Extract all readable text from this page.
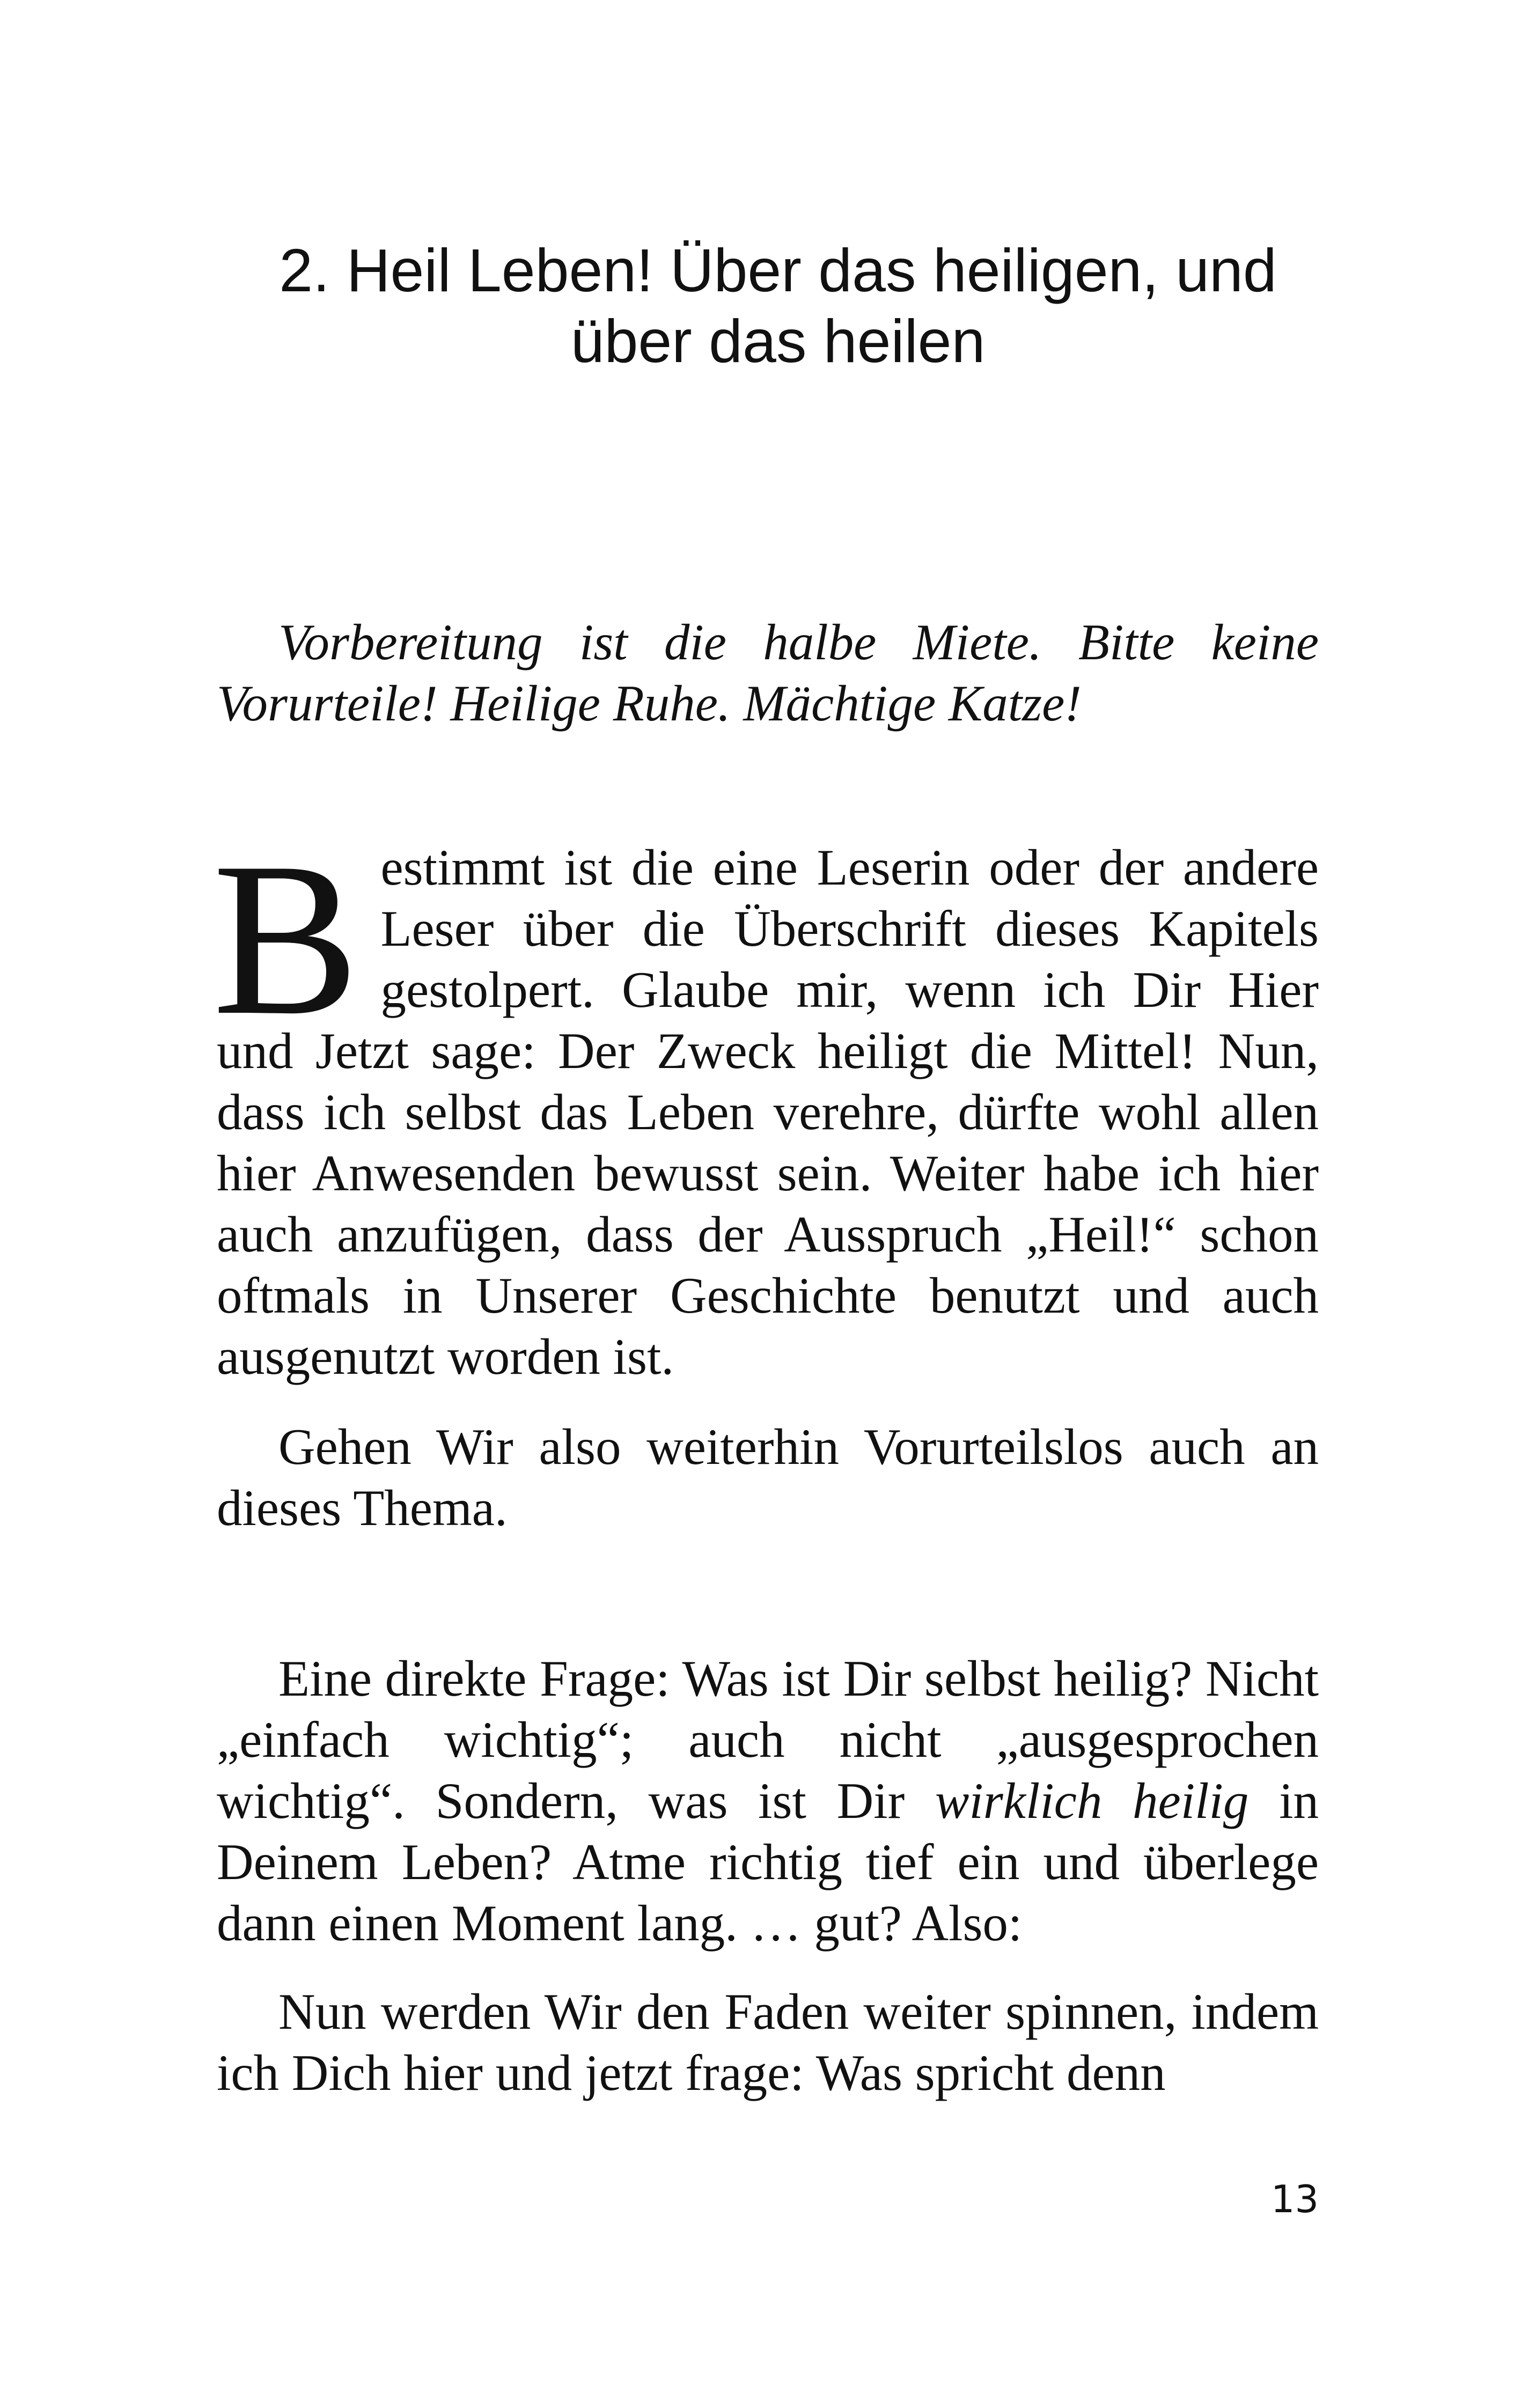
2. Heil Leben! Über das heiligen, und
über das heilen

Vorbereitung ist die halbe Miete. Bitte keine Vorurteile! Heilige Ruhe. Mächtige Katze!

Bestimmt ist die eine Leserin oder der andere Leser über die Überschrift dieses Kapitels gestolpert. Glaube mir, wenn ich Dir Hier und Jetzt sage: Der Zweck heiligt die Mittel! Nun, dass ich selbst das Leben verehre, dürfte wohl allen hier Anwesenden bewusst sein. Weiter habe ich hier auch anzufügen, dass der Ausspruch „Heil!“ schon oftmals in Unserer Geschichte benutzt und auch ausgenutzt worden ist.

Gehen Wir also weiterhin Vorurteilslos auch an dieses Thema.

Eine direkte Frage: Was ist Dir selbst heilig? Nicht „einfach wichtig“; auch nicht „ausgesprochen wichtig“. Sondern, was ist Dir wirklich heilig in Deinem Leben? Atme richtig tief ein und überlege dann einen Moment lang. … gut? Also:

Nun werden Wir den Faden weiter spinnen, indem ich Dich hier und jetzt frage: Was spricht denn

13
